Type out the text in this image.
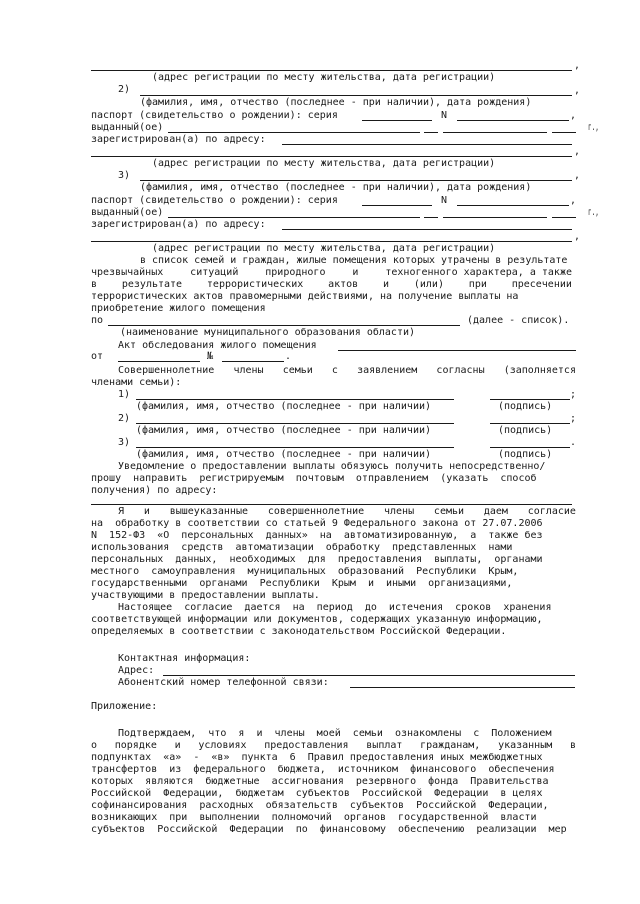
,
(адрес регистрации по месту жительства, дата регистрации)
2)	,
(фамилия, имя, отчество (последнее - при наличии), дата рождения)
паспорт (свидетельство о рождении): серия	N	,
выданный(ое)	г.,
зарегистрирован(а) по адресу:
,
(адрес регистрации по месту жительства, дата регистрации)
3)	,
(фамилия, имя, отчество (последнее - при наличии), дата рождения)
паспорт (свидетельство о рождении): серия	N	,
выданный(ое)	г.,
зарегистрирован(а) по адресу:
,
(адрес регистрации по месту жительства, дата регистрации)
в список семей и граждан, жилые помещения которых утрачены в результате
чрезвычайных	ситуаций	природного	и	техногенного характера, а также
в результате террористических актов и (или) при пресечении
террористических актов правомерными действиями, на получение выплаты на
приобретение жилого помещения
по	(далее - список).
(наименование муниципального образования области)
Акт обследования жилого помещения
от	№	.
Совершеннолетние члены семьи с заявлением согласны (заполняется
членами семьи):
1)	;
(фамилия, имя, отчество (последнее - при наличии)	(подпись)
2)	;
(фамилия, имя, отчество (последнее - при наличии)	(подпись)
3)	.
(фамилия, имя, отчество (последнее - при наличии)	(подпись)
Уведомление о предоставлении выплаты обязуюсь получить непосредственно/
прошу  направить  регистрируемым  почтовым  отправлением  (указать  способ
получения) по адресу:
Я и вышеуказанные совершеннолетние члены семьи даем согласие
на  обработку в соответствии со статьей 9 Федерального закона от 27.07.2006
N  152-ФЗ  «О  персональных  данных»  на  автоматизированную,  а  также без
использования  средств  автоматизации  обработку  представленных  нами
персональных  данных,  необходимых  для  предоставления  выплаты,  органами
местного  самоуправления  муниципальных  образований  Республики  Крым,
государственными  органами  Республики  Крым  и  иными  организациями,
участвующими в предоставлении выплаты.
Настоящее  согласие  дается  на  период  до  истечения  сроков  хранения
соответствующей информации или документов, содержащих указанную информацию,
определяемых в соответствии с законодательством Российской Федерации.
Контактная информация:
Адрес:
Абонентский номер телефонной связи:
Приложение:
Подтверждаем,  что  я  и  члены  моей  семьи  ознакомлены  с  Положением
о порядке и условиях предоставления выплат гражданам, указанным в
подпунктах  «а»  -  «в»  пункта  6  Правил предоставления иных межбюджетных
трансфертов  из  федерального  бюджета,  источником  финансового  обеспечения
которых  являются  бюджетные  ассигнования  резервного  фонда  Правительства
Российской  Федерации,  бюджетам  субъектов  Российской  Федерации  в целях
софинансирования  расходных  обязательств  субъектов  Российской  Федерации,
возникающих  при  выполнении  полномочий  органов  государственной  власти
субъектов  Российской  Федерации  по  финансовому  обеспечению  реализации  мер
